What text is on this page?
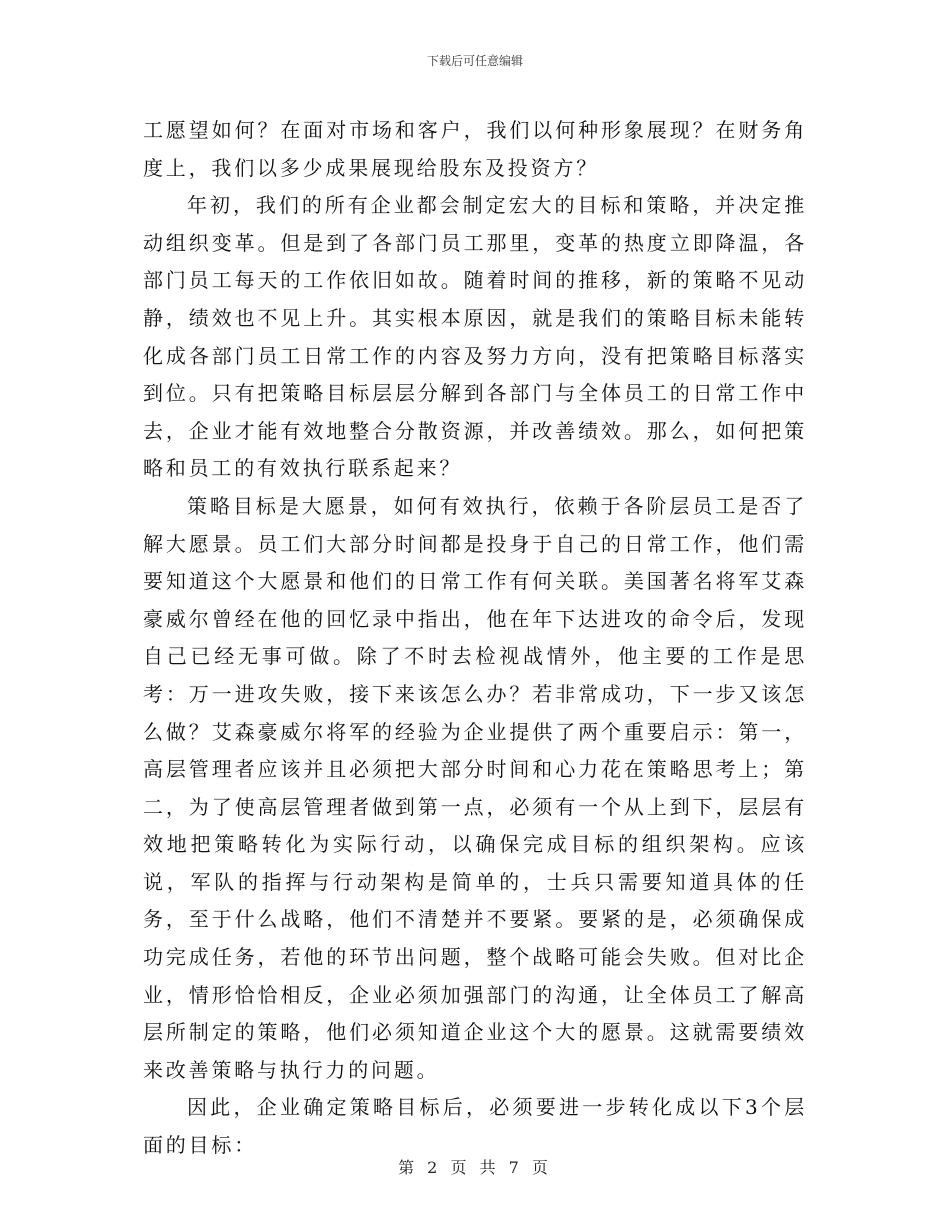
下载后可任意编辑

工愿望如何？在面对市场和客户，我们以何种形象展现？在财务角度上，我们以多少成果展现给股东及投资方？

年初，我们的所有企业都会制定宏大的目标和策略，并决定推动组织变革。但是到了各部门员工那里，变革的热度立即降温，各部门员工每天的工作依旧如故。随着时间的推移，新的策略不见动静，绩效也不见上升。其实根本原因，就是我们的策略目标未能转化成各部门员工日常工作的内容及努力方向，没有把策略目标落实到位。只有把策略目标层层分解到各部门与全体员工的日常工作中去，企业才能有效地整合分散资源，并改善绩效。那么，如何把策略和员工的有效执行联系起来？

策略目标是大愿景，如何有效执行，依赖于各阶层员工是否了解大愿景。员工们大部分时间都是投身于自己的日常工作，他们需要知道这个大愿景和他们的日常工作有何关联。美国著名将军艾森豪威尔曾经在他的回忆录中指出，他在年下达进攻的命令后，发现自己已经无事可做。除了不时去检视战情外，他主要的工作是思考：万一进攻失败，接下来该怎么办？若非常成功，下一步又该怎么做？艾森豪威尔将军的经验为企业提供了两个重要启示：第一，高层管理者应该并且必须把大部分时间和心力花在策略思考上；第二，为了使高层管理者做到第一点，必须有一个从上到下，层层有效地把策略转化为实际行动，以确保完成目标的组织架构。应该说，军队的指挥与行动架构是简单的，士兵只需要知道具体的任务，至于什么战略，他们不清楚并不要紧。要紧的是，必须确保成功完成任务，若他的环节出问题，整个战略可能会失败。但对比企业，情形恰恰相反，企业必须加强部门的沟通，让全体员工了解高层所制定的策略，他们必须知道企业这个大的愿景。这就需要绩效来改善策略与执行力的问题。

因此，企业确定策略目标后，必须要进一步转化成以下3个层面的目标：

第 2 页 共 7 页
